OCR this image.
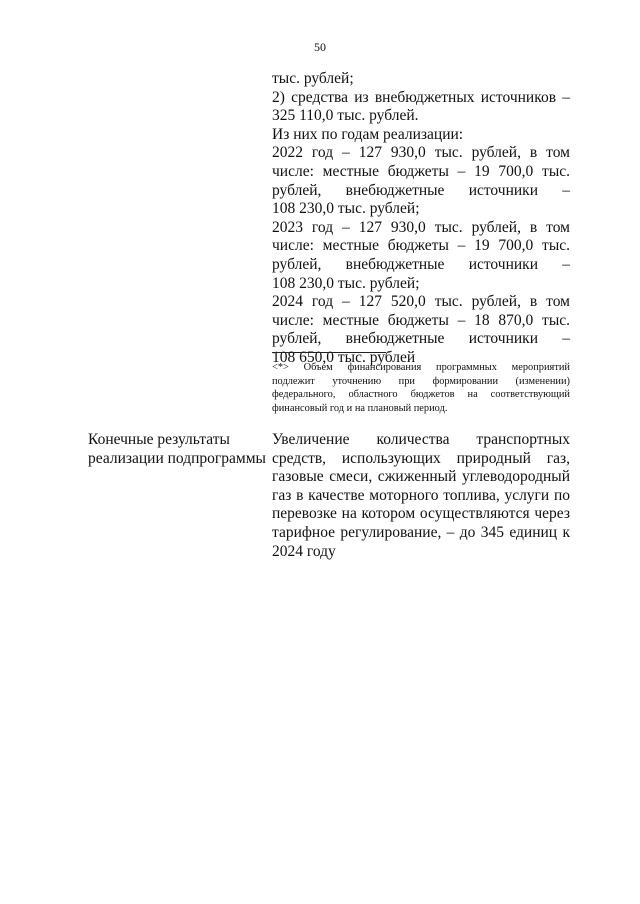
50
тыс. рублей;
2) средства из внебюджетных источников –
325 110,0 тыс. рублей.
Из них по годам реализации:
2022 год – 127 930,0 тыс. рублей, в том
числе: местные бюджеты – 19 700,0 тыс.
рублей, внебюджетные источники –
108 230,0 тыс. рублей;
2023 год – 127 930,0 тыс. рублей, в том
числе: местные бюджеты – 19 700,0 тыс.
рублей, внебюджетные источники –
108 230,0 тыс. рублей;
2024 год – 127 520,0 тыс. рублей, в том
числе: местные бюджеты – 18 870,0 тыс.
рублей, внебюджетные источники –
108 650,0 тыс. рублей
<*> Объем финансирования программных мероприятий
подлежит уточнению при формировании (изменении)
федерального, областного бюджетов на соответствующий
финансовый год и на плановый период.
Конечные результаты
реализации подпрограммы
Увеличение количества транспортных
средств, использующих природный газ,
газовые смеси, сжиженный углеводородный
газ в качестве моторного топлива, услуги по
перевозке на котором осуществляются через
тарифное регулирование, – до 345 единиц к
2024 году
